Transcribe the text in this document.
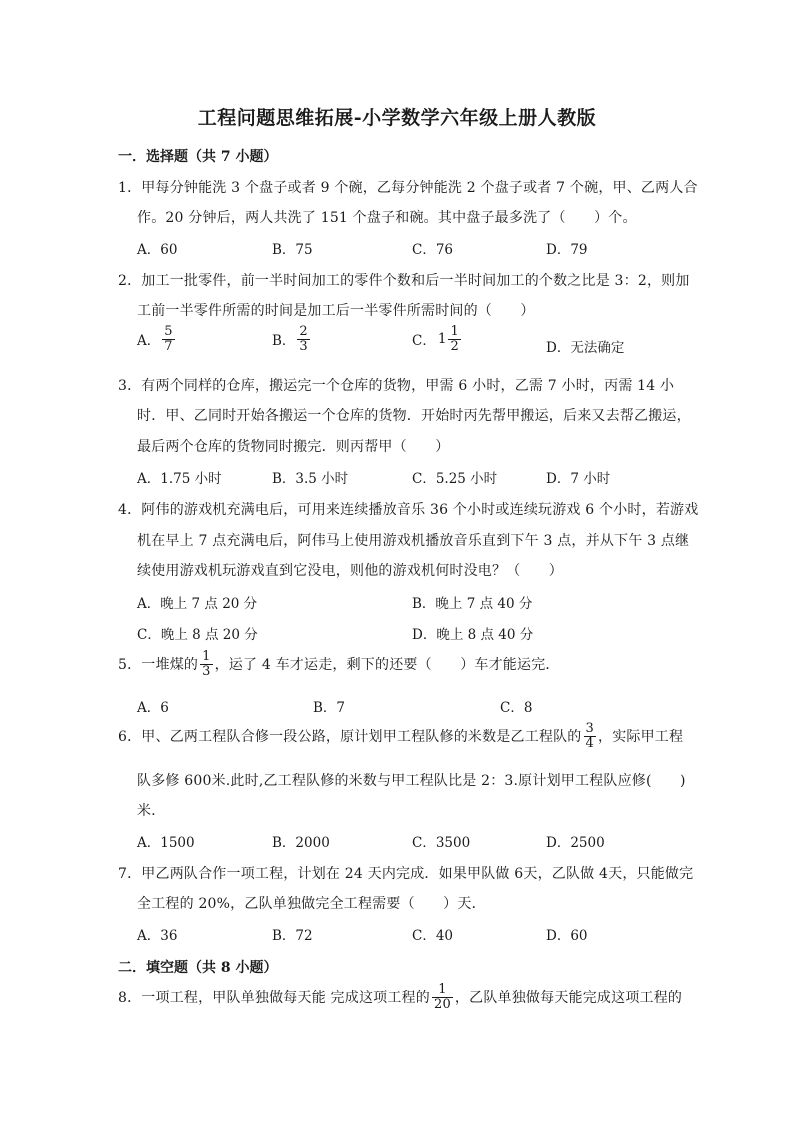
工程问题思维拓展-小学数学六年级上册人教版
一．选择题（共 7 小题）
1．甲每分钟能洗 3 个盘子或者 9 个碗，乙每分钟能洗 2 个盘子或者 7 个碗，甲、乙两人合
作。20 分钟后，两人共洗了 151 个盘子和碗。其中盘子最多洗了（　　）个。
A．60	B．75	C．76	D．79
2．加工一批零件，前一半时间加工的零件个数和后一半时间加工的个数之比是 3：2，则加
工前一半零件所需的时间是加工后一半零件所需时间的（　　）
A． $\frac{5}{7}$	B． $\frac{2}{3}$	C． $1 \frac{1}{2}$	D．无法确定
3．有两个同样的仓库，搬运完一个仓库的货物，甲需 6 小时，乙需 7 小时，丙需 14 小
时．甲、乙同时开始各搬运一个仓库的货物．开始时丙先帮甲搬运，后来又去帮乙搬运，
最后两个仓库的货物同时搬完．则丙帮甲（　　）
A．1.75 小时	B．3.5 小时	C．5.25 小时	D．7 小时
4．阿伟的游戏机充满电后，可用来连续播放音乐 36 个小时或连续玩游戏 6 个小时，若游戏
机在早上 7 点充满电后，阿伟马上使用游戏机播放音乐直到下午 3 点，并从下午 3 点继
续使用游戏机玩游戏直到它没电，则他的游戏机何时没电？（　　）
A．晚上 7 点 20 分	B．晚上 7 点 40 分
C．晚上 8 点 20 分	D．晚上 8 点 40 分
5．一堆煤的 $\frac{1}{3}$ ，运了 4 车才运走，剩下的还要（　　）车才能运完．
A．6	B．7	C．8
6．甲、乙两工程队合修一段公路，原计划甲工程队修的米数是乙工程队的 $\frac{3}{4}$ ，实际甲工程
队多修 600米.此时,乙工程队修的米数与甲工程队比是 2：3.原计划甲工程队应修(　　)
米．
A．1500	B．2000	C．3500	D．2500
7．甲乙两队合作一项工程，计划在 24 天内完成．如果甲队做 6天，乙队做 4天，只能做完
全工程的 20%，乙队单独做完全工程需要（　　）天．
A．36	B．72	C．40	D．60
二．填空题（共 8 小题）
8．一项工程，甲队单独做每天能 完成这项工程的 $\frac{1}{20}$ ，乙队单独做每天能完成这项工程的
